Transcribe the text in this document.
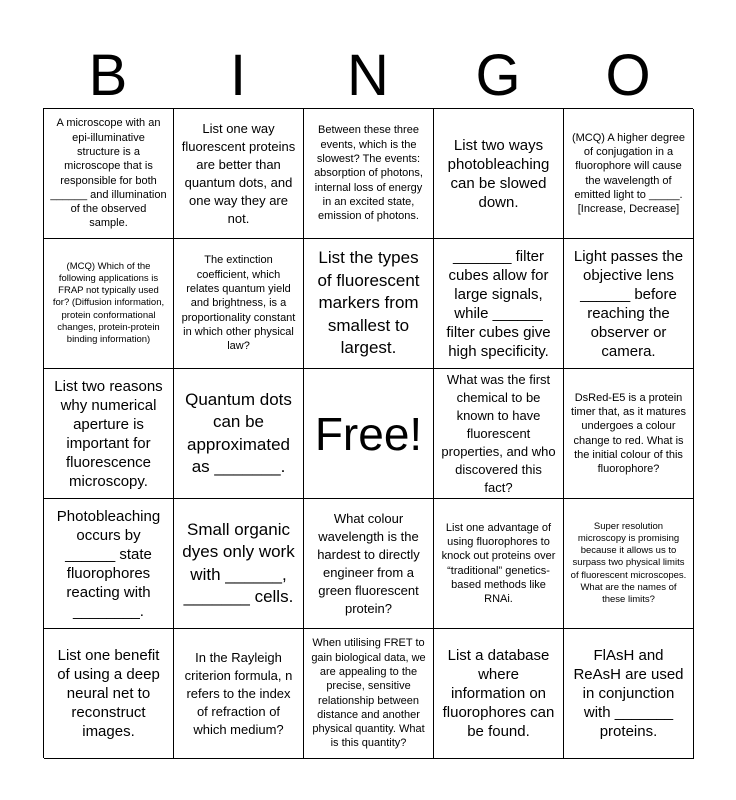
B	I	N	G	O
A microscope with an epi-illuminative structure is a microscope that is responsible for both ______ and illumination of the observed sample.
List one way fluorescent proteins are better than quantum dots, and one way they are not.
Between these three events, which is the slowest? The events: absorption of photons, internal loss of energy in an excited state, emission of photons.
List two ways photobleaching can be slowed down.
(MCQ) A higher degree of conjugation in a fluorophore will cause the wavelength of emitted light to _____. [Increase, Decrease]
(MCQ) Which of the following applications is FRAP not typically used for? (Diffusion information, protein conformational changes, protein-protein binding information)
The extinction coefficient, which relates quantum yield and brightness, is a proportionality constant in which other physical law?
List the types of fluorescent markers from smallest to largest.
_______ filter cubes allow for large signals, while ______ filter cubes give high specificity.
Light passes the objective lens ______ before reaching the observer or camera.
List two reasons why numerical aperture is important for fluorescence microscopy.
Quantum dots can be approximated as _______.
Free!
What was the first chemical to be known to have fluorescent properties, and who discovered this fact?
DsRed-E5 is a protein timer that, as it matures undergoes a colour change to red. What is the initial colour of this fluorophore?
Photobleaching occurs by ______ state fluorophores reacting with ________.
Small organic dyes only work with ______, _______ cells.
What colour wavelength is the hardest to directly engineer from a green fluorescent protein?
List one advantage of using fluorophores to knock out proteins over “traditional” genetics-based methods like RNAi.
Super resolution microscopy is promising because it allows us to surpass two physical limits of fluorescent microscopes. What are the names of these limits?
List one benefit of using a deep neural net to reconstruct images.
In the Rayleigh criterion formula, n refers to the index of refraction of which medium?
When utilising FRET to gain biological data, we are appealing to the precise, sensitive relationship between distance and another physical quantity. What is this quantity?
List a database where information on fluorophores can be found.
FlAsH and ReAsH are used in conjunction with _______ proteins.
